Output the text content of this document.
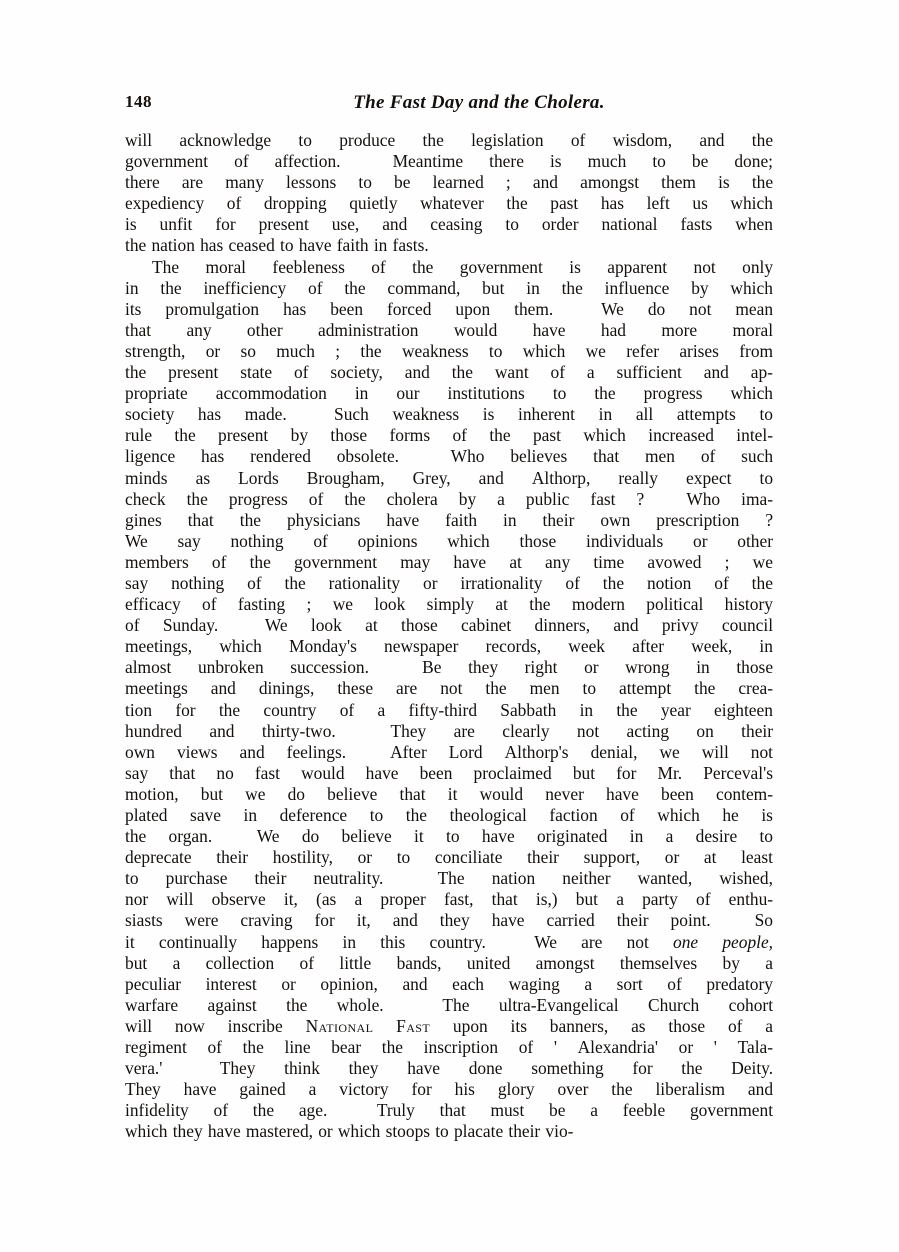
148	The Fast Day and the Cholera.
will acknowledge to produce the legislation of wisdom, and the
government of affection.	Meantime there is much to be done;
there are many lessons to be learned ; and amongst them is the
expediency of dropping quietly whatever the past has left us which
is unfit for present use, and ceasing to order national fasts when
the nation has ceased to have faith in fasts.
The moral feebleness of the government is apparent not only
in the inefficiency of the command, but in the influence by which
its promulgation has been forced upon them.	We do not mean
that any other administration would have had more moral
strength, or so much ; the weakness to which we refer arises from
the present state of society, and the want of a sufficient and ap-
propriate accommodation in our institutions to the progress which
society has made.	Such weakness is inherent in all attempts to
rule the present by those forms of the past which increased intel-
ligence has rendered obsolete.	Who believes that men of such
minds as Lords Brougham, Grey, and Althorp, really expect to
check the progress of the cholera by a public fast ? Who ima-
gines that the physicians have faith in their own prescription ?
We say nothing of opinions which those individuals or other
members of the government may have at any time avowed ; we
say nothing of the rationality or irrationality of the notion of the
efficacy of fasting ; we look simply at the modern political history
of Sunday.	We look at those cabinet dinners, and privy council
meetings, which Monday's newspaper records, week after week, in
almost unbroken succession.	Be they right or wrong in those
meetings and dinings, these are not the men to attempt the crea-
tion for the country of a fifty-third Sabbath in the year eighteen
hundred and thirty-two.	They are clearly not acting on their
own views and feelings.	After Lord Althorp's denial, we will not
say that no fast would have been proclaimed but for Mr. Perceval's
motion, but we do believe that it would never have been contem-
plated save in deference to the theological faction of which he is
the organ.	We do believe it to have originated in a desire to
deprecate their hostility, or to conciliate their support, or at least
to purchase their neutrality.	The nation neither wanted, wished,
nor will observe it, (as a proper fast, that is,) but a party of enthu-
siasts were craving for it, and they have carried their point.	So
it continually happens in this country.	We are not one people,
but a collection of little bands, united amongst themselves by a
peculiar interest or opinion, and each waging a sort of predatory
warfare against the whole.	The ultra-Evangelical Church cohort
will now inscribe National Fast upon its banners, as those of a
regiment of the line bear the inscription of ' Alexandria' or ' Tala-
vera.'	They think they have done something for the Deity.
They have gained a victory for his glory over the liberalism and
infidelity of the age.	Truly that must be a feeble government
which they have mastered, or which stoops to placate their vio-
